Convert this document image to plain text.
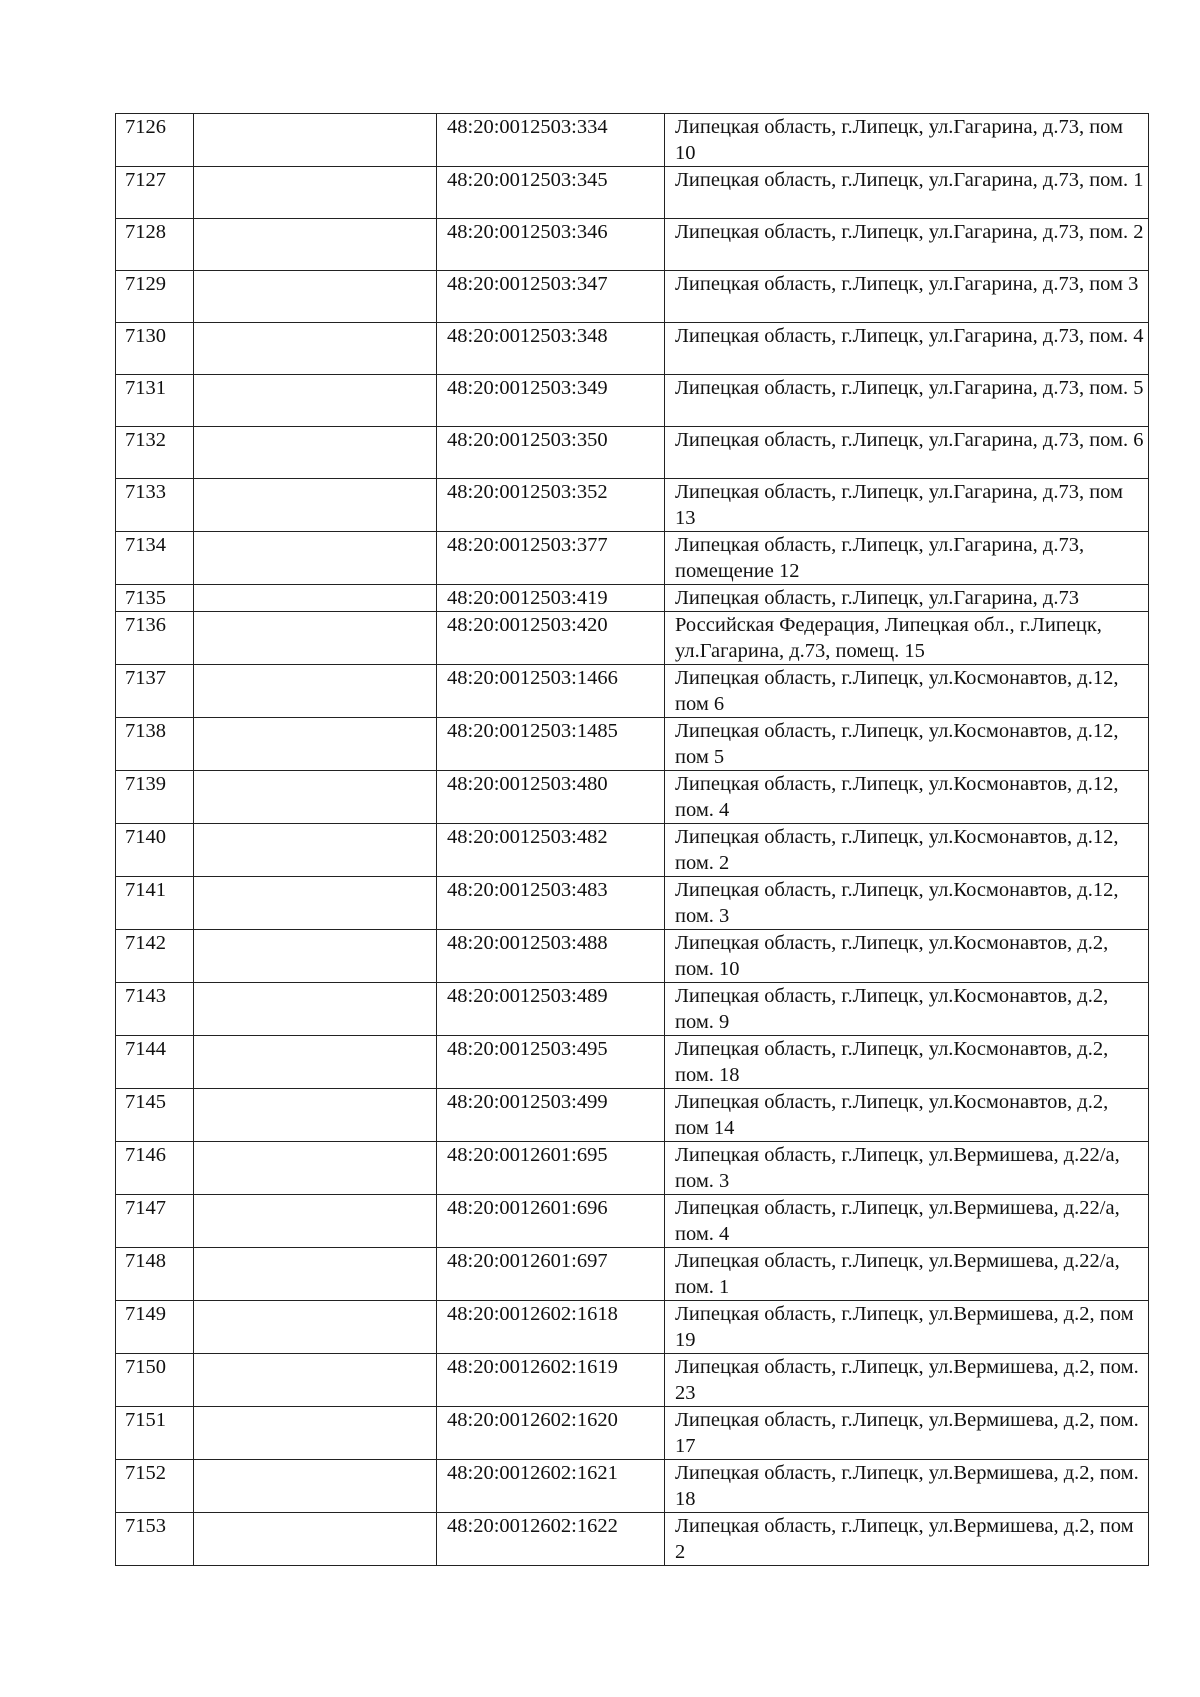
7126		48:20:0012503:334	Липецкая область, г.Липецк, ул.Гагарина, д.73, пом 10
7127		48:20:0012503:345	Липецкая область, г.Липецк, ул.Гагарина, д.73, пом. 1
7128		48:20:0012503:346	Липецкая область, г.Липецк, ул.Гагарина, д.73, пом. 2
7129		48:20:0012503:347	Липецкая область, г.Липецк, ул.Гагарина, д.73, пом 3
7130		48:20:0012503:348	Липецкая область, г.Липецк, ул.Гагарина, д.73, пом. 4
7131		48:20:0012503:349	Липецкая область, г.Липецк, ул.Гагарина, д.73, пом. 5
7132		48:20:0012503:350	Липецкая область, г.Липецк, ул.Гагарина, д.73, пом. 6
7133		48:20:0012503:352	Липецкая область, г.Липецк, ул.Гагарина, д.73, пом 13
7134		48:20:0012503:377	Липецкая область, г.Липецк, ул.Гагарина, д.73, помещение 12
7135		48:20:0012503:419	Липецкая область, г.Липецк, ул.Гагарина, д.73
7136		48:20:0012503:420	Российская Федерация, Липецкая обл., г.Липецк, ул.Гагарина, д.73, помещ. 15
7137		48:20:0012503:1466	Липецкая область, г.Липецк, ул.Космонавтов, д.12, пом 6
7138		48:20:0012503:1485	Липецкая область, г.Липецк, ул.Космонавтов, д.12, пом 5
7139		48:20:0012503:480	Липецкая область, г.Липецк, ул.Космонавтов, д.12, пом. 4
7140		48:20:0012503:482	Липецкая область, г.Липецк, ул.Космонавтов, д.12, пом. 2
7141		48:20:0012503:483	Липецкая область, г.Липецк, ул.Космонавтов, д.12, пом. 3
7142		48:20:0012503:488	Липецкая область, г.Липецк, ул.Космонавтов, д.2, пом. 10
7143		48:20:0012503:489	Липецкая область, г.Липецк, ул.Космонавтов, д.2, пом. 9
7144		48:20:0012503:495	Липецкая область, г.Липецк, ул.Космонавтов, д.2, пом. 18
7145		48:20:0012503:499	Липецкая область, г.Липецк, ул.Космонавтов, д.2, пом 14
7146		48:20:0012601:695	Липецкая область, г.Липецк, ул.Вермишева, д.22/а, пом. 3
7147		48:20:0012601:696	Липецкая область, г.Липецк, ул.Вермишева, д.22/а, пом. 4
7148		48:20:0012601:697	Липецкая область, г.Липецк, ул.Вермишева, д.22/а, пом. 1
7149		48:20:0012602:1618	Липецкая область, г.Липецк, ул.Вермишева, д.2, пом 19
7150		48:20:0012602:1619	Липецкая область, г.Липецк, ул.Вермишева, д.2, пом. 23
7151		48:20:0012602:1620	Липецкая область, г.Липецк, ул.Вермишева, д.2, пом. 17
7152		48:20:0012602:1621	Липецкая область, г.Липецк, ул.Вермишева, д.2, пом. 18
7153		48:20:0012602:1622	Липецкая область, г.Липецк, ул.Вермишева, д.2, пом 2
